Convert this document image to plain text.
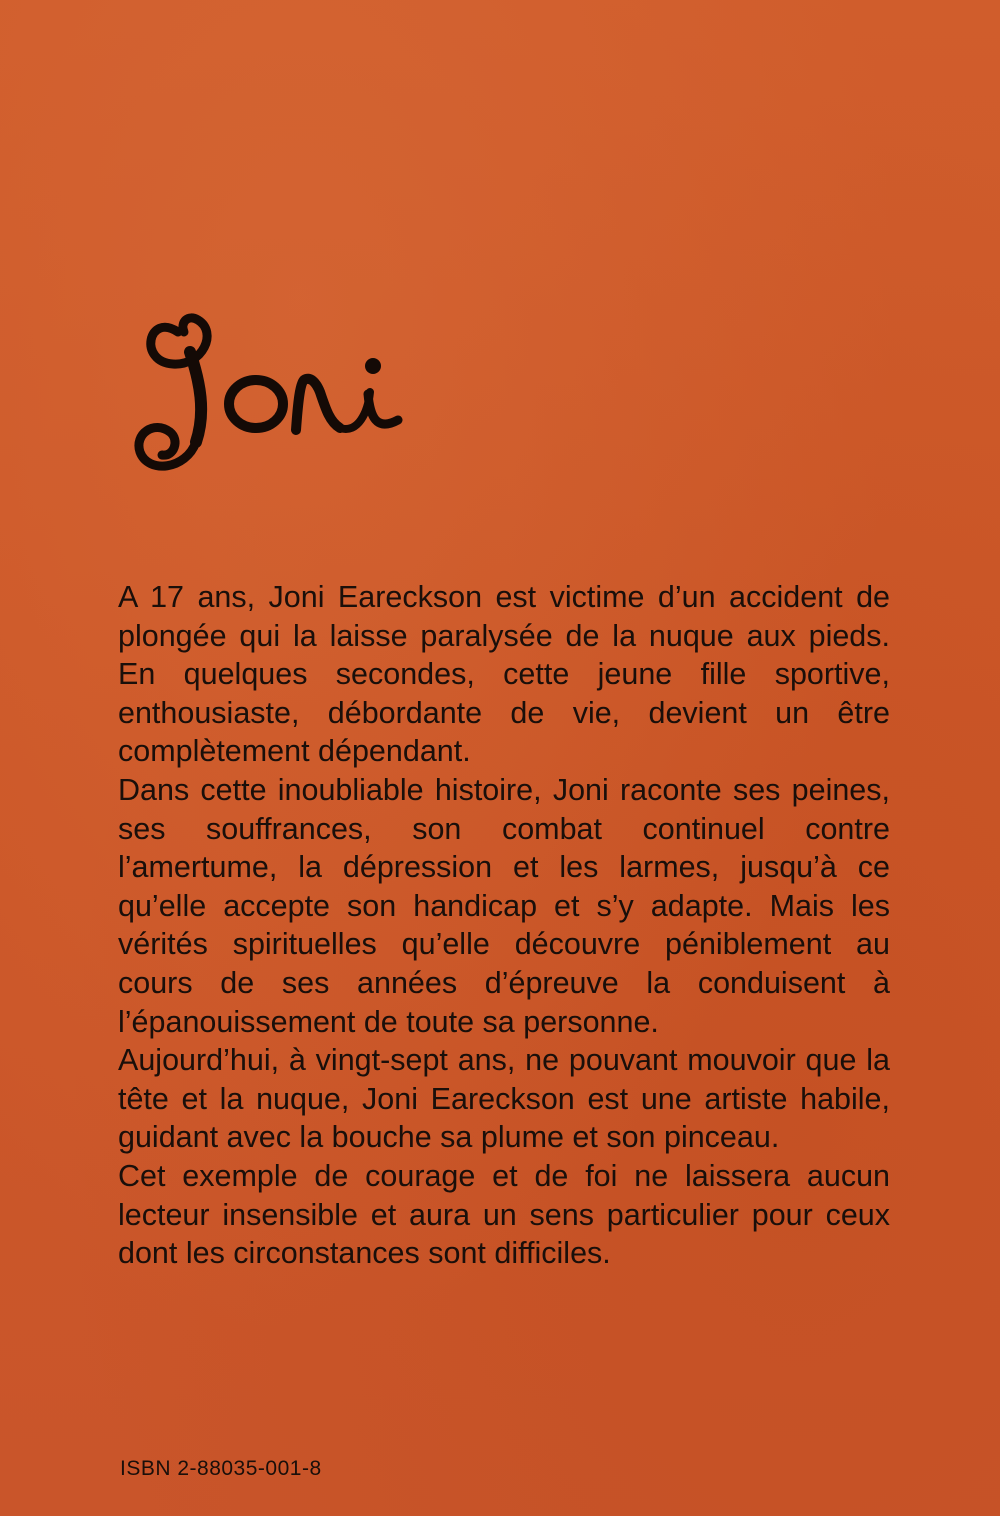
A 17 ans, Joni Eareckson est victime d’un accident de plongée qui la laisse paralysée de la nuque aux pieds. En quelques secondes, cette jeune fille sportive, enthousiaste, débordante de vie, devient un être complètement dépendant.

Dans cette inoubliable histoire, Joni raconte ses peines, ses souffrances, son combat continuel contre l’amertume, la dépression et les larmes, jusqu’à ce qu’elle accepte son handicap et s’y adapte. Mais les vérités spirituelles qu’elle découvre péniblement au cours de ses années d’épreuve la conduisent à l’épanouissement de toute sa personne.

Aujourd’hui, à vingt-sept ans, ne pouvant mouvoir que la tête et la nuque, Joni Eareckson est une artiste habile, guidant avec la bouche sa plume et son pinceau.

Cet exemple de courage et de foi ne laissera aucun lecteur insensible et aura un sens particulier pour ceux dont les circonstances sont difficiles.

ISBN 2-88035-001-8
